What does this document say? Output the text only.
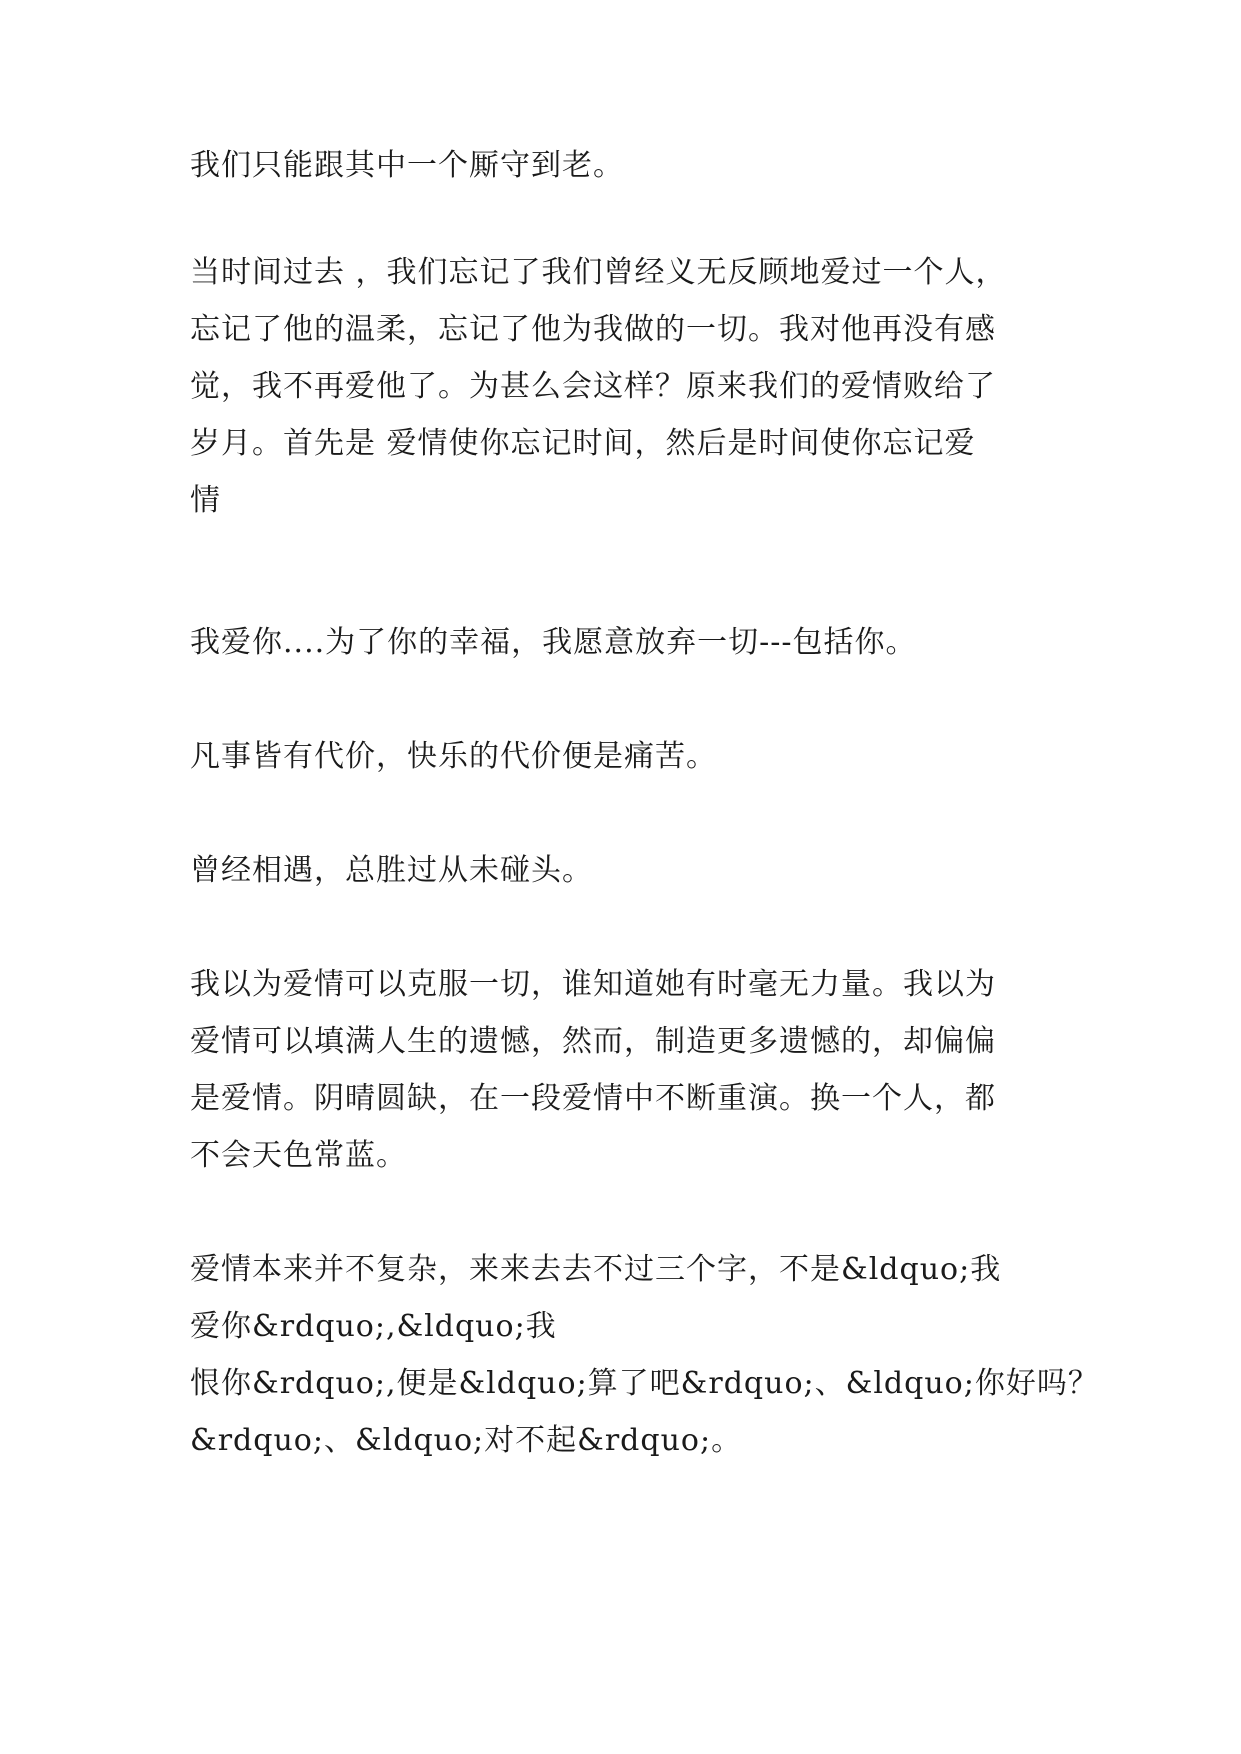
我们只能跟其中一个厮守到老。

当时间过去 ，我们忘记了我们曾经义无反顾地爱过一个人，

忘记了他的温柔，忘记了他为我做的一切。我对他再没有感

觉，我不再爱他了。为甚么会这样？原来我们的爱情败给了

岁月。首先是 爱情使你忘记时间，然后是时间使你忘记爱

情

我爱你....为了你的幸福，我愿意放弃一切---包括你。

凡事皆有代价，快乐的代价便是痛苦。

曾经相遇，总胜过从未碰头。

我以为爱情可以克服一切，谁知道她有时毫无力量。我以为

爱情可以填满人生的遗憾，然而，制造更多遗憾的，却偏偏

是爱情。阴晴圆缺，在一段爱情中不断重演。换一个人，都

不会天色常蓝。

爱情本来并不复杂，来来去去不过三个字，不是&ldquo;我

爱你&rdquo;,&ldquo;我

恨你&rdquo;,便是&ldquo;算了吧&rdquo;、&ldquo;你好吗？

&rdquo;、&ldquo;对不起&rdquo;。
